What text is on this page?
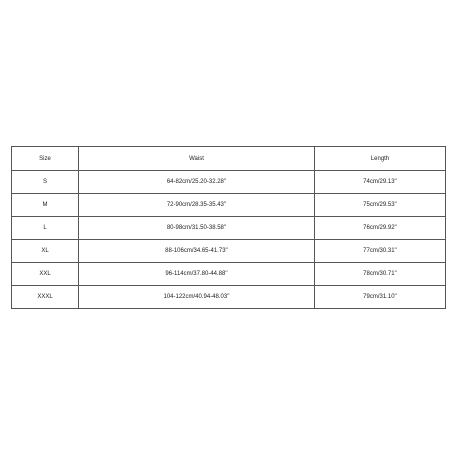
Size	Waist	Length
S	64-82cm/25.20-32.28''	74cm/29.13''
M	72-90cm/28.35-35.43''	75cm/29.53''
L	80-98cm/31.50-38.58''	76cm/29.92''
XL	88-106cm/34.65-41.73''	77cm/30.31''
XXL	96-114cm/37.80-44.88''	78cm/30.71''
XXXL	104-122cm/40.94-48.03''	79cm/31.10''
